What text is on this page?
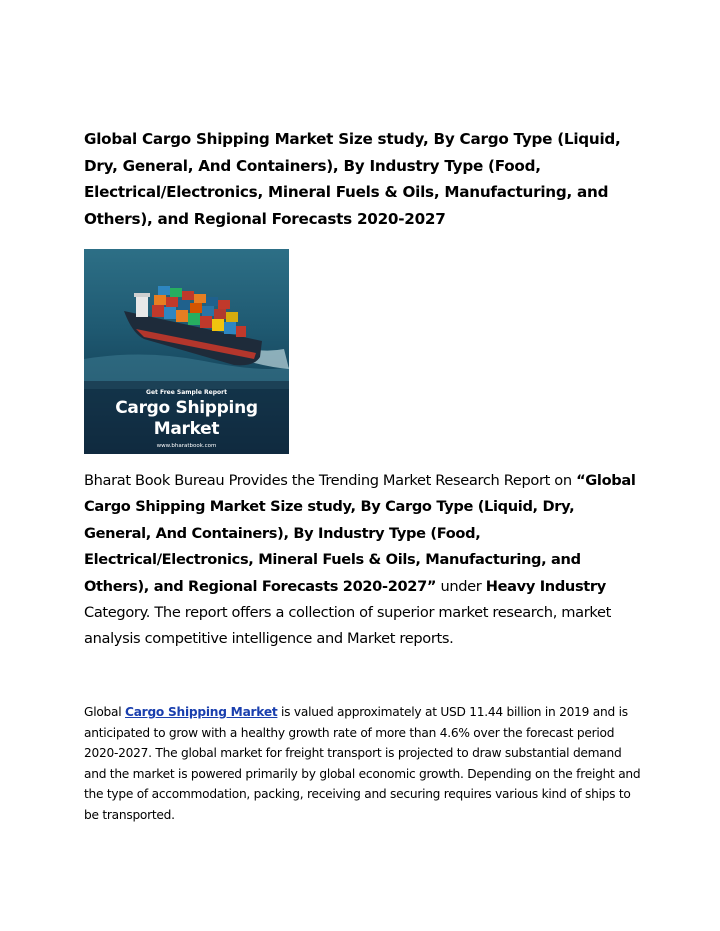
Global Cargo Shipping Market Size study, By Cargo Type (Liquid, Dry, General, And Containers), By Industry Type (Food, Electrical/Electronics, Mineral Fuels & Oils, Manufacturing, and Others), and Regional Forecasts 2020-2027
Get Free Sample Report
Cargo Shipping
Market
www.bharatbook.com

Bharat Book Bureau Provides the Trending Market Research Report on “Global Cargo Shipping Market Size study, By Cargo Type (Liquid, Dry, General, And Containers), By Industry Type (Food, Electrical/Electronics, Mineral Fuels & Oils, Manufacturing, and Others), and Regional Forecasts 2020-2027” under Heavy Industry Category. The report offers a collection of superior market research, market analysis competitive intelligence and Market reports.

Global Cargo Shipping Market is valued approximately at USD 11.44 billion in 2019 and is anticipated to grow with a healthy growth rate of more than 4.6% over the forecast period 2020-2027. The global market for freight transport is projected to draw substantial demand and the market is powered primarily by global economic growth. Depending on the freight and the type of accommodation, packing, receiving and securing requires various kind of ships to be transported.
